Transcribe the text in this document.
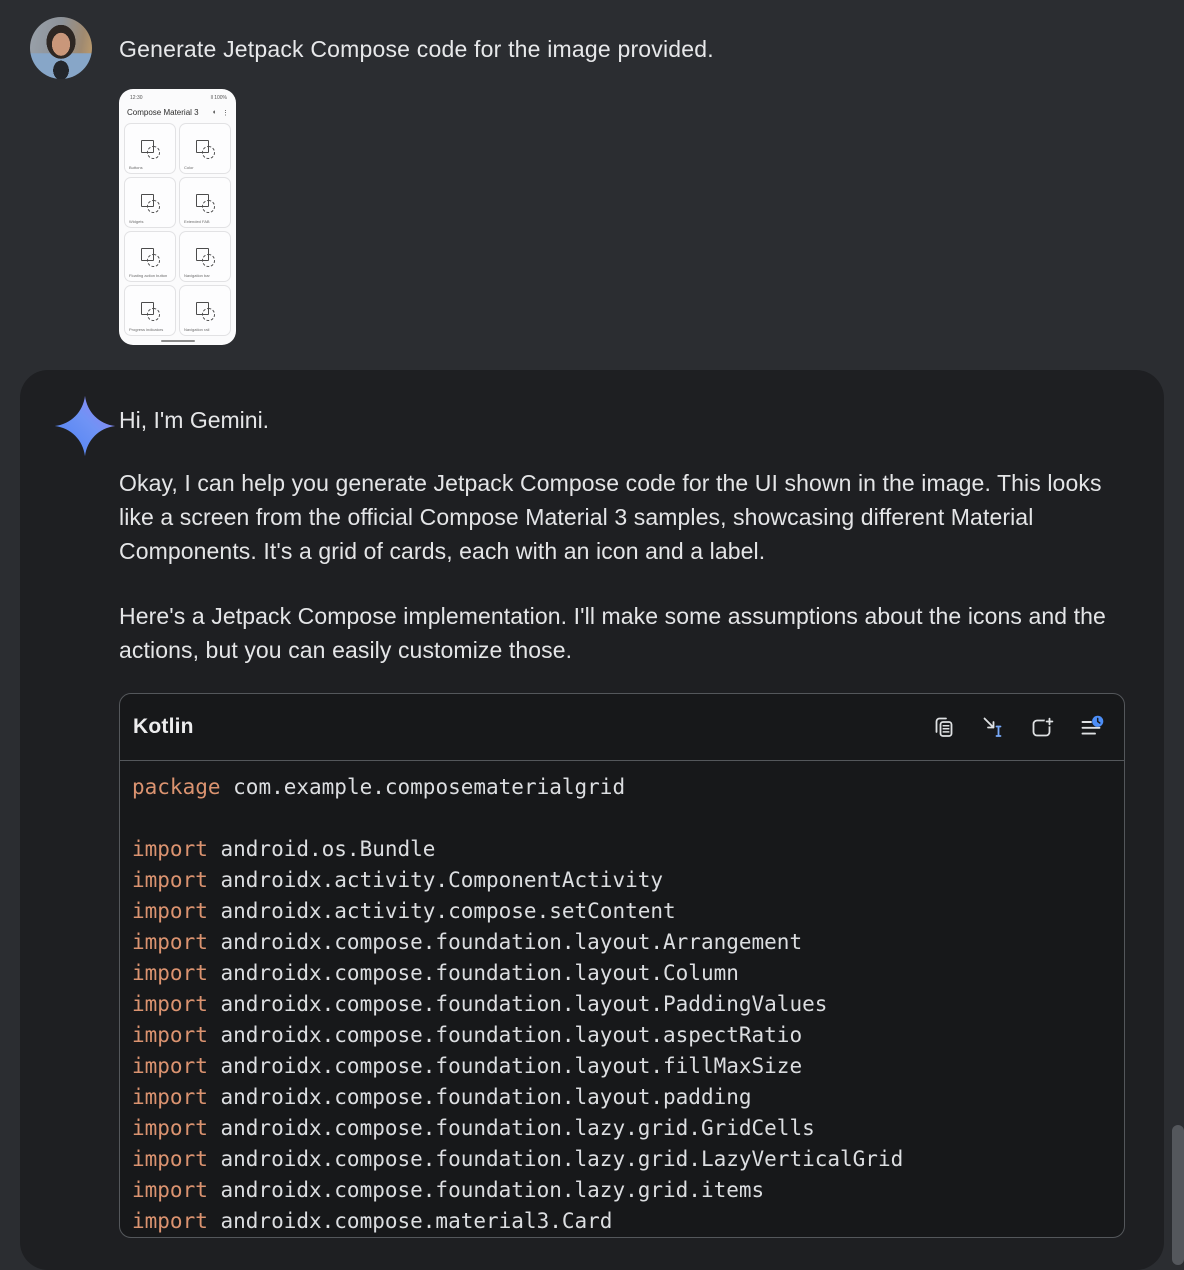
Generate Jetpack Compose code for the image provided.
12:30	ll 100%
Compose Material 3 ◐ ⋮
Buttons	Color
Widgets	Extended FAB
Floating action button	Navigation bar
Progress indicators	Navigation rail

Hi, I'm Gemini.

Okay, I can help you generate Jetpack Compose code for the UI shown in the image. This looks like a screen from the official Compose Material 3 samples, showcasing different Material Components. It's a grid of cards, each with an icon and a label.

Here's a Jetpack Compose implementation. I'll make some assumptions about the icons and the actions, but you can easily customize those.

Kotlin
package com.example.composematerialgrid

import android.os.Bundle
import androidx.activity.ComponentActivity
import androidx.activity.compose.setContent
import androidx.compose.foundation.layout.Arrangement
import androidx.compose.foundation.layout.Column
import androidx.compose.foundation.layout.PaddingValues
import androidx.compose.foundation.layout.aspectRatio
import androidx.compose.foundation.layout.fillMaxSize
import androidx.compose.foundation.layout.padding
import androidx.compose.foundation.lazy.grid.GridCells
import androidx.compose.foundation.lazy.grid.LazyVerticalGrid
import androidx.compose.foundation.lazy.grid.items
import androidx.compose.material3.Card
